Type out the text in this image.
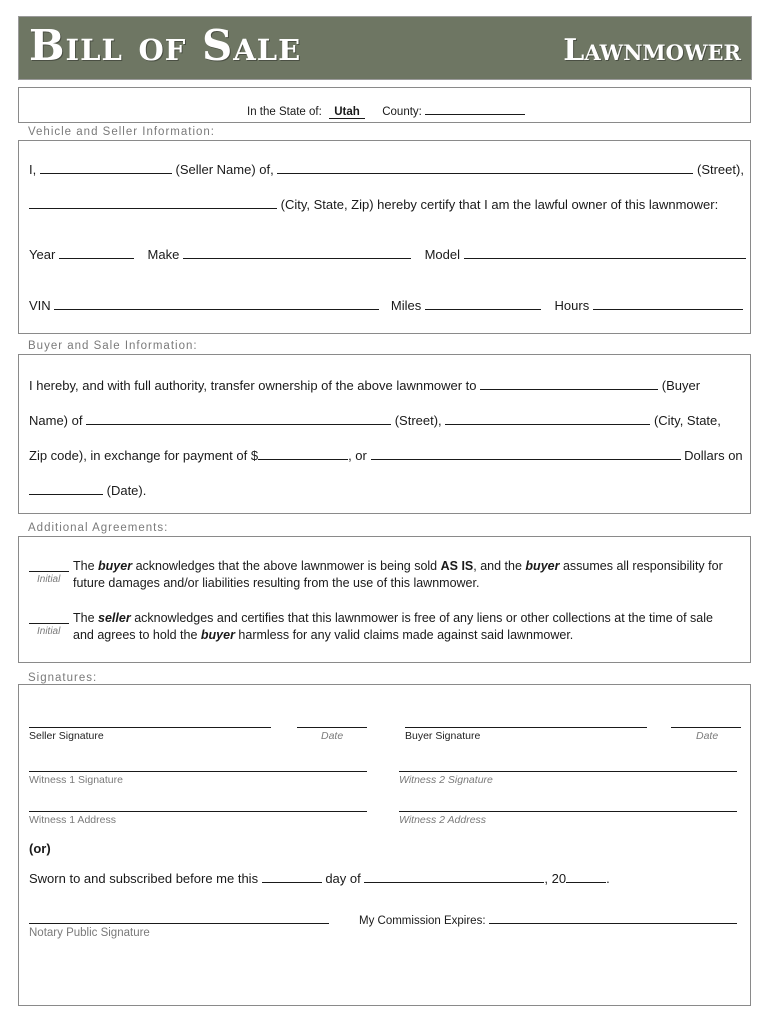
Bill of Sale	Lawnmower
In the State of: Utah County:
Vehicle and Seller Information:
I,	(Seller Name) of,	(Street),
(City, State, Zip) hereby certify that I am the lawful owner of this lawnmower:
Year	Make	Model
VIN	Miles	Hours
Buyer and Sale Information:
I hereby, and with full authority, transfer ownership of the above lawnmower to	(Buyer
Name) of	(Street),	(City, State,
Zip code), in exchange for payment of $	, or	Dollars on
(Date).
Additional Agreements:
Initial
The buyer acknowledges that the above lawnmower is being sold AS IS, and the buyer assumes all responsibility for
future damages and/or liabilities resulting from the use of this lawnmower.
Initial
The seller acknowledges and certifies that this lawnmower is free of any liens or other collections at the time of sale
and agrees to hold the buyer harmless for any valid claims made against said lawnmower.
Signatures:
Seller Signature	Date	Buyer Signature	Date
Witness 1 Signature	Witness 2 Signature
Witness 1 Address	Witness 2 Address
(or)
Sworn to and subscribed before me this	day of	, 20	.
Notary Public Signature
My Commission Expires:
